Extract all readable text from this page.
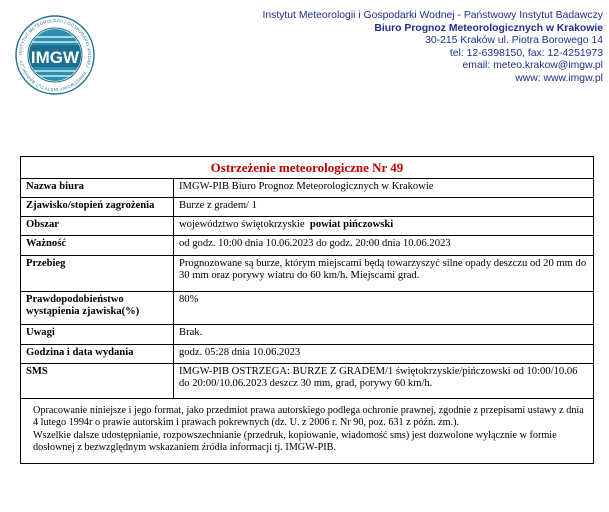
INSTYTUT METEOROLOGII I GOSPODARKI WODNEJ · PAŃSTWOWY INSTYTUT BADAWCZY IMGW
Instytut Meteorologii i Gospodarki Wodnej - Państwowy Instytut Badawczy
Biuro Prognoz Meteorologicznych w Krakowie
30-215 Kraków ul. Piotra Borowego 14
tel: 12-6398150, fax: 12-4251973
email: meteo.krakow@imgw.pl
www: www.imgw.pl
Ostrzeżenie meteorologiczne Nr 49	
Nazwa biura	IMGW-PIB Biuro Prognoz Meteorologicznych w Krakowie
Zjawisko/stopień zagrożenia	Burze z gradem/ 1
Obszar	województwo świętokrzyskie powiat pińczowski
Ważność	od godz. 10:00 dnia 10.06.2023 do godz. 20:00 dnia 10.06.2023
Przebieg	Prognozowane są burze, którym miejscami będą towarzyszyć silne opady deszczu od 20 mm do 30 mm oraz porywy wiatru do 60 km/h. Miejscami grad.
Prawdopodobieństwo wystąpienia zjawiska(%)	80%
Uwagi	Brak.
Godzina i data wydania	godz. 05:28 dnia 10.06.2023
SMS	IMGW-PIB OSTRZEGA: BURZE Z GRADEM/1 świętokrzyskie/pińczowski od 10:00/10.06 do 20:00/10.06.2023 deszcz 30 mm, grad, porywy 60 km/h.

Opracowanie niniejsze i jego format, jako przedmiot prawa autorskiego podlega ochronie prawnej, zgodnie z przepisami ustawy z dnia 4 lutego 1994r o prawie autorskim i prawach pokrewnych (dz. U. z 2006 r. Nr 90, poz. 631 z późn. zm.).
Wszelkie dalsze udostępnianie, rozpowszechnianie (przedruk, kopiowanie, wiadomość sms) jest dozwolone wyłącznie w formie dosłownej z bezwzględnym wskazaniem źródła informacji tj. IMGW-PIB.	
